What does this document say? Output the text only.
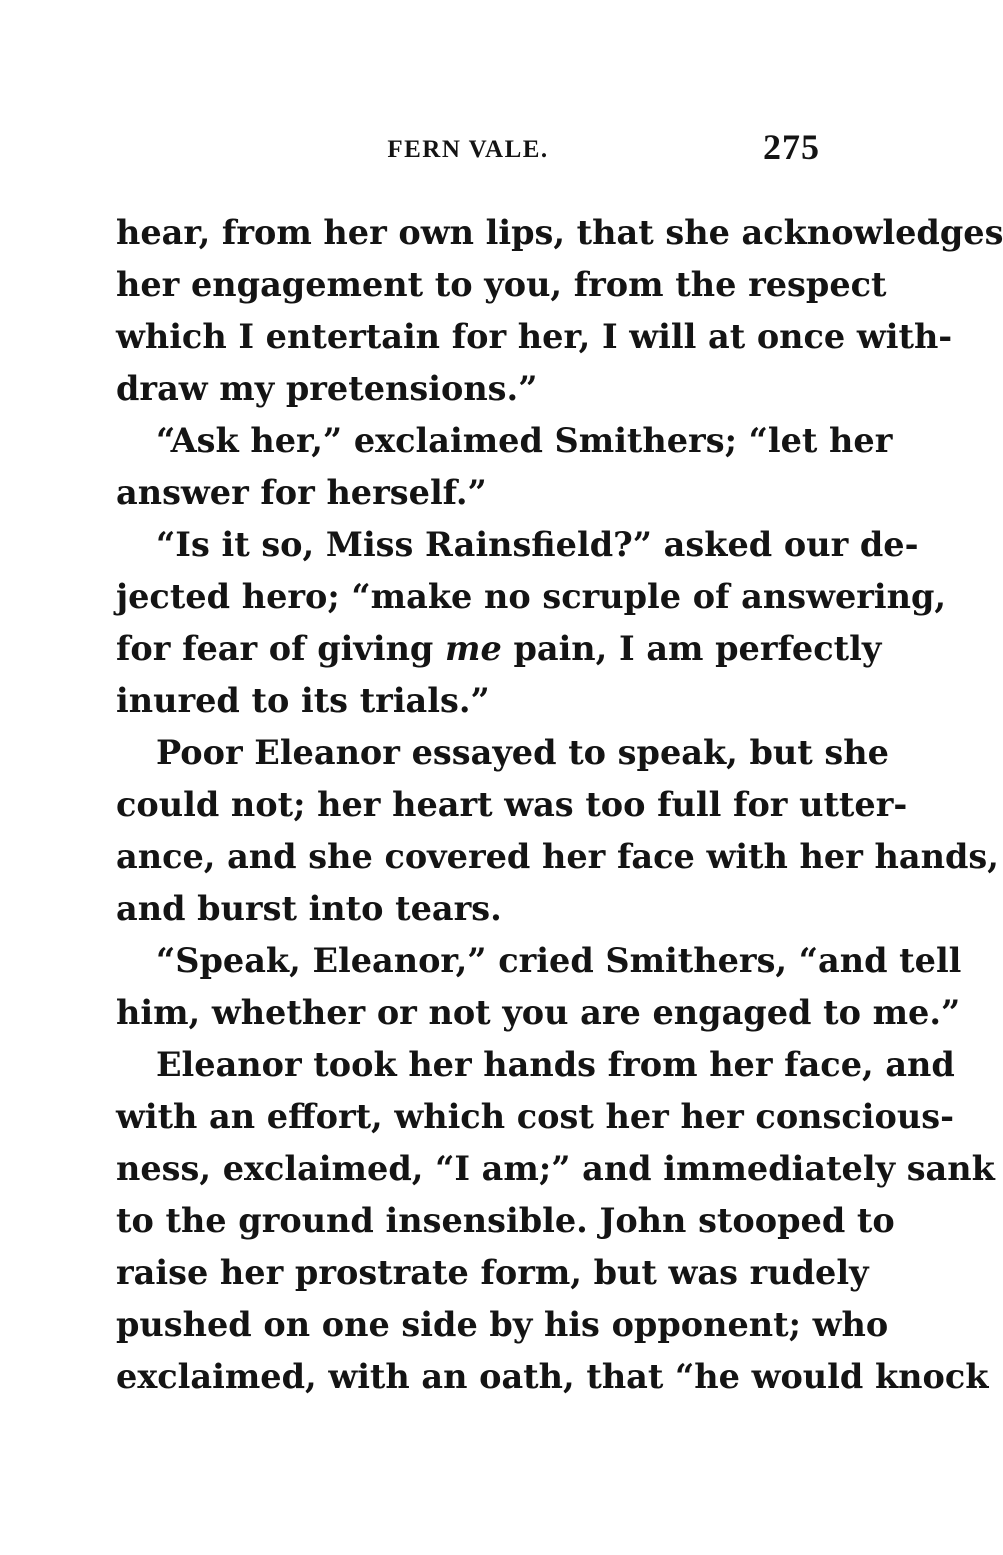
FERN VALE.	275
hear, from her own lips, that she acknowledges
her engagement to you, from the respect
which I entertain for her, I will at once with-
draw my pretensions.”
“Ask her,” exclaimed Smithers; “let her
answer for herself.”
“Is it so, Miss Rainsfield?” asked our de-
jected hero; “make no scruple of answering,
for fear of giving me pain, I am perfectly
inured to its trials.”
Poor Eleanor essayed to speak, but she
could not; her heart was too full for utter-
ance, and she covered her face with her hands,
and burst into tears.
“Speak, Eleanor,” cried Smithers, “and tell
him, whether or not you are engaged to me.”
Eleanor took her hands from her face, and
with an effort, which cost her her conscious-
ness, exclaimed, “I am;” and immediately sank
to the ground insensible. John stooped to
raise her prostrate form, but was rudely
pushed on one side by his opponent; who
exclaimed, with an oath, that “he would knock
